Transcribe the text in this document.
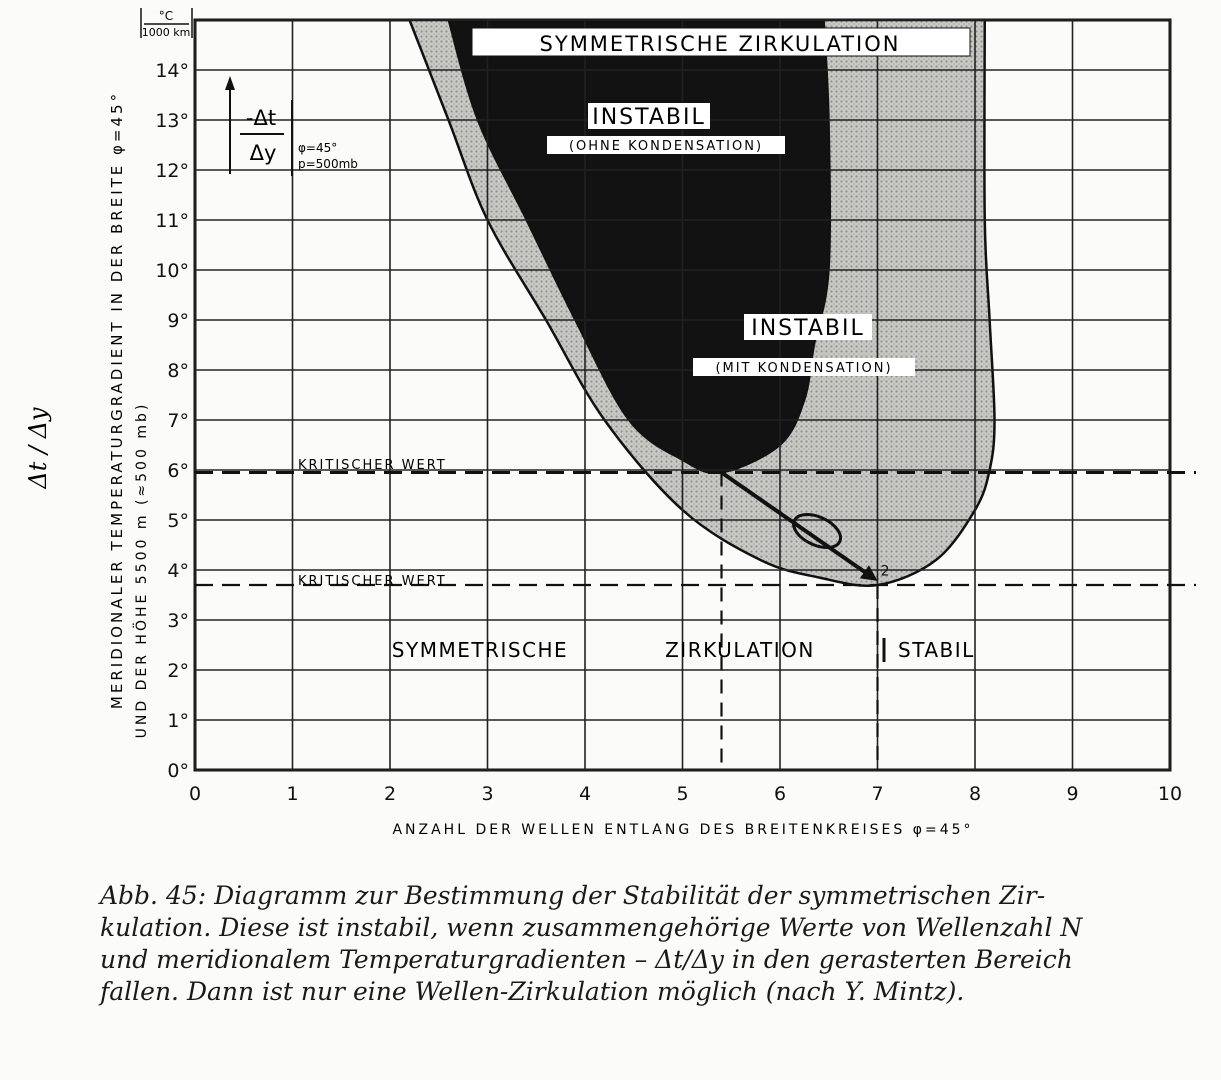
2
0	1	2	3	4	5	6	7	8	9	10
0°
1°
2°
3°
4°
5°
6°
7°
8°
9°
10°
11°
12°
13°
14°
SYMMETRISCHE ZIRKULATION
INSTABIL
(OHNE KONDENSATION)
INSTABIL
(MIT KONDENSATION)
SYMMETRISCHE	ZIRKULATION	STABIL
KRITISCHER WERT
KRITISCHER WERT
-Δt
Δy φ=45°
p=500mb
°C
1000 km
ANZAHL DER WELLEN ENTLANG DES BREITENKREISES φ=45°
MERIDIONALER TEMPERATURGRADIENT IN DER BREITE φ=45° UND DER HÖHE 5500 m (≈500 mb)
Δt / Δy
Abb. 45: Diagramm zur Bestimmung der Stabilität der symmetrischen Zir-
kulation. Diese ist instabil, wenn zusammengehörige Werte von Wellenzahl N
und meridionalem Temperaturgradienten – Δt/Δy in den gerasterten Bereich
fallen. Dann ist nur eine Wellen-Zirkulation möglich (nach Y. Mintz).
